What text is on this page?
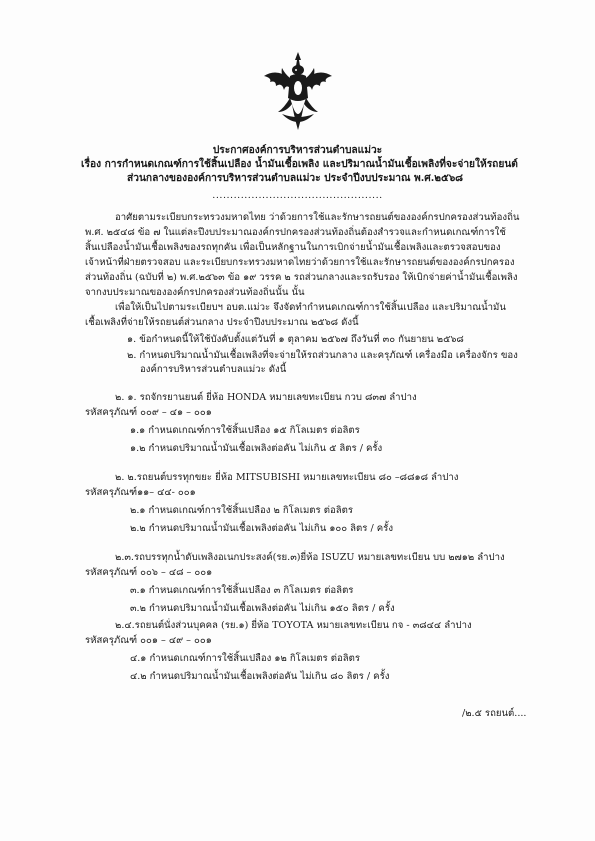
ประกาศองค์การบริหารส่วนตำบลแม่วะ
เรื่อง การกำหนดเกณฑ์การใช้สิ้นเปลือง น้ำมันเชื้อเพลิง และปริมาณน้ำมันเชื้อเพลิงที่จะจ่ายให้รถยนต์
ส่วนกลางขององค์การบริหารส่วนตำบลแม่วะ ประจำปีงบประมาณ พ.ศ.๒๕๖๘
................................................
อาศัยตามระเบียบกระทรวงมหาดไทย ว่าด้วยการใช้และรักษารถยนต์ขององค์กรปกครองส่วนท้องถิ่น
พ.ศ. ๒๕๔๘ ข้อ ๗ ในแต่ละปีงบประมาณองค์กรปกครองส่วนท้องถิ่นต้องสำรวจและกำหนดเกณฑ์การใช้
สิ้นเปลืองน้ำมันเชื้อเพลิงของรถทุกคัน เพื่อเป็นหลักฐานในการเบิกจ่ายน้ำมันเชื้อเพลิงและตรวจสอบของ
เจ้าหน้าที่ฝ่ายตรวจสอบ และระเบียบกระทรวงมหาดไทยว่าด้วยการใช้และรักษารถยนต์ขององค์กรปกครอง
ส่วนท้องถิ่น (ฉบับที่ ๒) พ.ศ.๒๕๖๓ ข้อ ๑๙ วรรค ๒ รถส่วนกลางและรถรับรอง ให้เบิกจ่ายค่าน้ำมันเชื้อเพลิง
จากงบประมาณขององค์กรปกครองส่วนท้องถิ่นนั้น นั้น
เพื่อให้เป็นไปตามระเบียบฯ อบต.แม่วะ จึงจัดทำกำหนดเกณฑ์การใช้สิ้นเปลือง และปริมาณน้ำมัน
เชื้อเพลิงที่จ่ายให้รถยนต์ส่วนกลาง ประจำปีงบประมาณ ๒๕๖๘ ดังนี้
๑. ข้อกำหนดนี้ให้ใช้บังคับตั้งแต่วันที่ ๑ ตุลาคม ๒๕๖๗ ถึงวันที่ ๓๐ กันยายน ๒๕๖๘
๒. กำหนดปริมาณน้ำมันเชื้อเพลิงที่จะจ่ายให้รถส่วนกลาง และครุภัณฑ์ เครื่องมือ เครื่องจักร ของ
องค์การบริหารส่วนตำบลแม่วะ ดังนี้
๒. ๑. รถจักรยานยนต์ ยี่ห้อ HONDA หมายเลขทะเบียน กวบ ๘๓๗ ลำปาง
รหัสครุภัณฑ์ ๐๐๙ – ๔๑ – ๐๐๑
๑.๑ กำหนดเกณฑ์การใช้สิ้นเปลือง ๑๕ กิโลเมตร ต่อลิตร
๑.๒ กำหนดปริมาณน้ำมันเชื้อเพลิงต่อคัน ไม่เกิน ๕ ลิตร / ครั้ง
๒. ๒.รถยนต์บรรทุกขยะ ยี่ห้อ MITSUBISHI หมายเลขทะเบียน ๘๐ –๘๘๑๘ ลำปาง
รหัสครุภัณฑ์๑๑– ๔๔- ๐๐๑
๒.๑ กำหนดเกณฑ์การใช้สิ้นเปลือง ๒ กิโลเมตร ต่อลิตร
๒.๒ กำหนดปริมาณน้ำมันเชื้อเพลิงต่อคัน ไม่เกิน ๑๐๐ ลิตร / ครั้ง
๒.๓.รถบรรทุกน้ำดับเพลิงอเนกประสงค์(รย.๓)ยี่ห้อ ISUZU หมายเลขทะเบียน บบ ๒๗๑๒ ลำปาง
รหัสครุภัณฑ์ ๐๐๖ – ๔๘ – ๐๐๑
๓.๑ กำหนดเกณฑ์การใช้สิ้นเปลือง ๓ กิโลเมตร ต่อลิตร
๓.๒ กำหนดปริมาณน้ำมันเชื้อเพลิงต่อคัน ไม่เกิน ๑๕๐ ลิตร / ครั้ง
๒.๔.รถยนต์นั่งส่วนบุคคล (รย.๑) ยี่ห้อ TOYOTA หมายเลขทะเบียน กจ - ๓๘๔๔ ลำปาง
รหัสครุภัณฑ์ ๐๐๑ – ๔๙ – ๐๐๑
๔.๑ กำหนดเกณฑ์การใช้สิ้นเปลือง ๑๒ กิโลเมตร ต่อลิตร
๔.๒ กำหนดปริมาณน้ำมันเชื้อเพลิงต่อคัน ไม่เกิน ๘๐ ลิตร / ครั้ง
/๒.๕ รถยนต์....
